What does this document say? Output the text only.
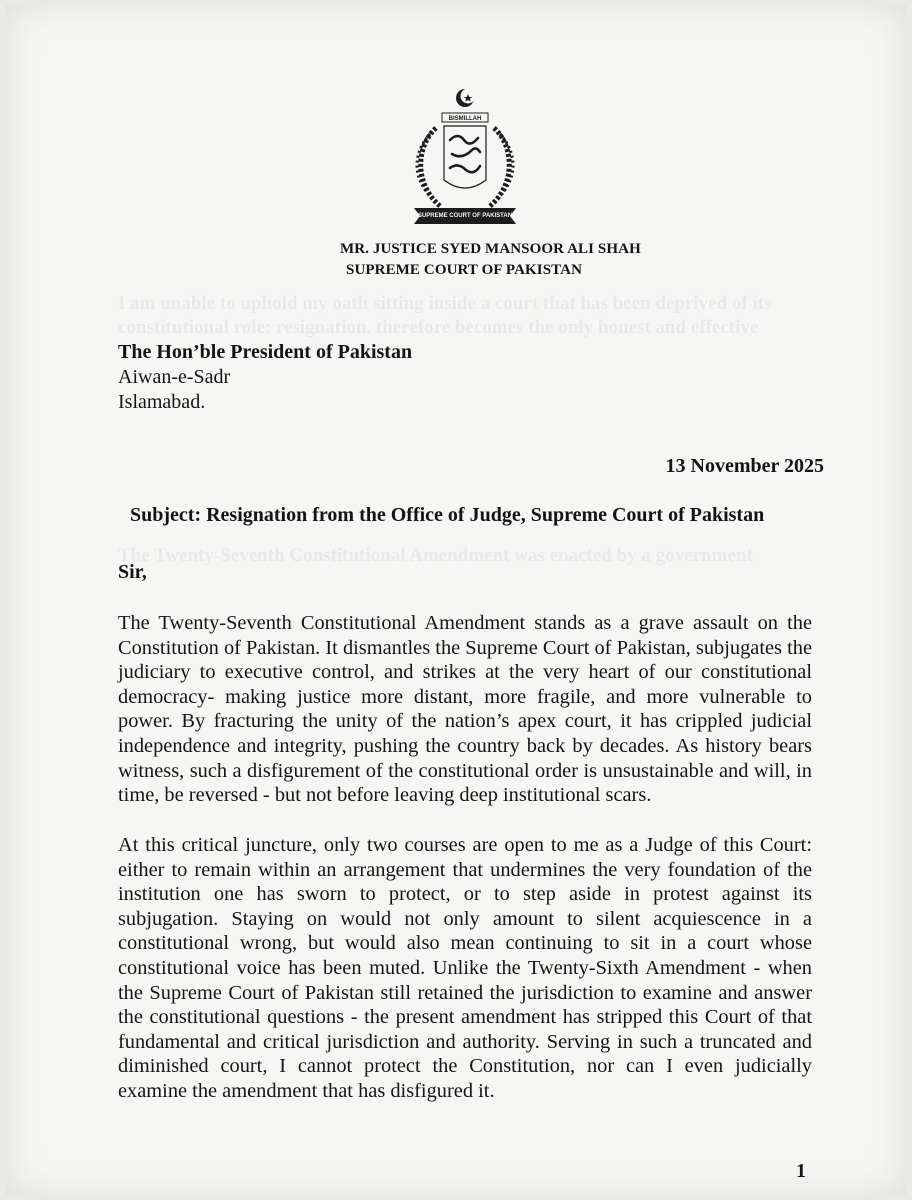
I am unable to uphold my oath sitting inside a court that has been deprived of its constitutional role; resignation, therefore becomes the only honest and effective
The Twenty-Seventh Constitutional Amendment was enacted by a government
BISMILLAH
SUPREME COURT OF PAKISTAN
MR. JUSTICE SYED MANSOOR ALI SHAH
SUPREME COURT OF PAKISTAN
The Hon’ble President of Pakistan
Aiwan-e-Sadr
Islamabad.
13 November 2025
Subject: Resignation from the Office of Judge, Supreme Court of Pakistan
Sir,

The Twenty-Seventh Constitutional Amendment stands as a grave assault on the Constitution of Pakistan. It dismantles the Supreme Court of Pakistan, subjugates the judiciary to executive control, and strikes at the very heart of our constitutional democracy- making justice more distant, more fragile, and more vulnerable to power. By fracturing the unity of the nation’s apex court, it has crippled judicial independence and integrity, pushing the country back by decades. As history bears witness, such a disfigurement of the constitutional order is unsustainable and will, in time, be reversed - but not before leaving deep institutional scars.

At this critical juncture, only two courses are open to me as a Judge of this Court: either to remain within an arrangement that undermines the very foundation of the institution one has sworn to protect, or to step aside in protest against its subjugation. Staying on would not only amount to silent acquiescence in a constitutional wrong, but would also mean continuing to sit in a court whose constitutional voice has been muted. Unlike the Twenty-Sixth Amendment - when the Supreme Court of Pakistan still retained the jurisdiction to examine and answer the constitutional questions - the present amendment has stripped this Court of that fundamental and critical jurisdiction and authority. Serving in such a truncated and diminished court, I cannot protect the Constitution, nor can I even judicially examine the amendment that has disfigured it.

1
